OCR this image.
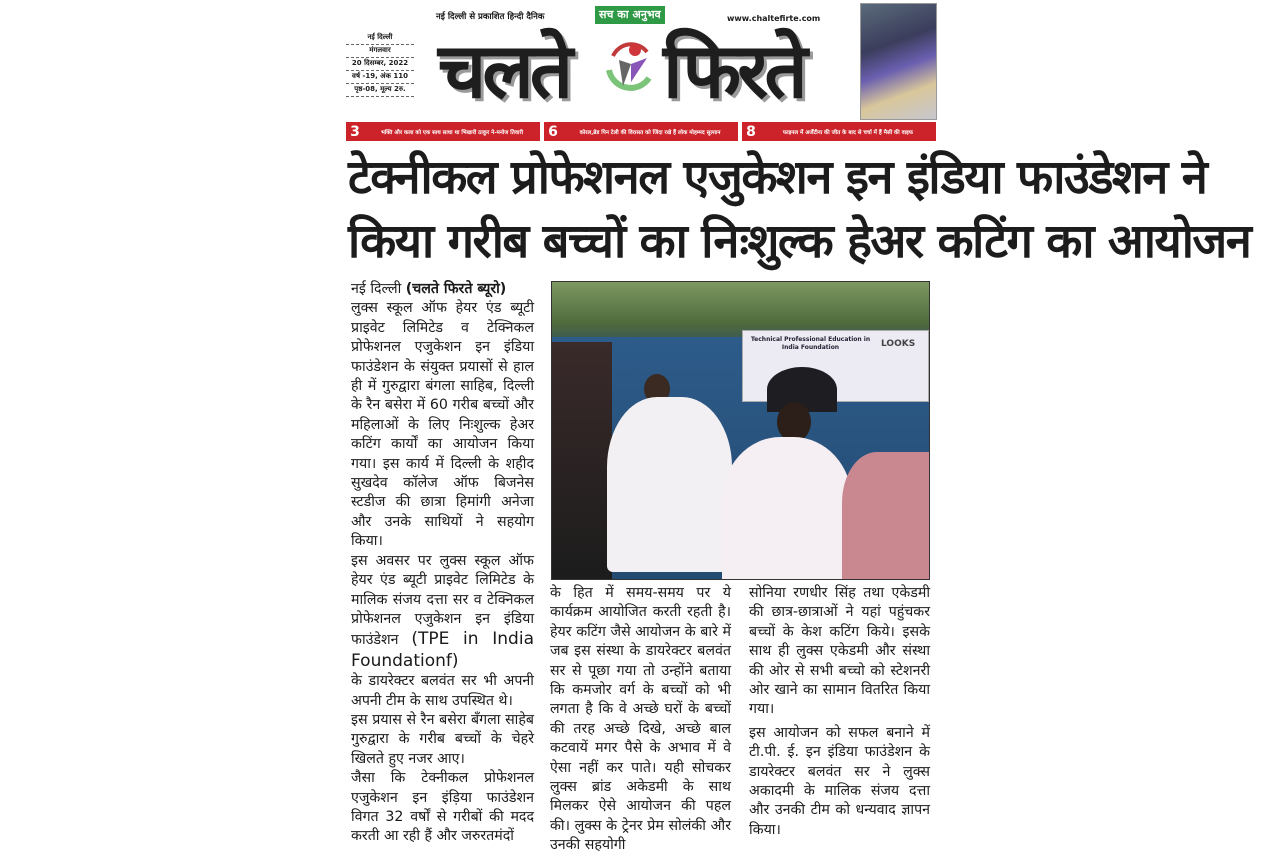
नई दिल्ली
मंगलवार
20 दिसम्बर, 2022
वर्ष -19, अंक 110
पृष्ठ-08, मूल्य 2रु.
नई दिल्ली से प्रकाशित हिन्दी दैनिक	सच का अनुभव	www.chaltefirte.com
चलते फिरते
3	भक्ति और कला को एक साथ साधा था भिखारी ठाकुर ने-मनोज तिवारी	6	कोरल,ब्रेड पिन टेली की विरासत को जिंदा रखे हैं लोक मोहम्मद सुल्तान	8	फाइनल में अर्जेंटीना की जीत के बाद से चर्चा में हैं मैसी की वाइफ
टेक्नीकल प्रोफेशनल एजुकेशन इन इंडिया फाउंडेशन ने
किया गरीब बच्चों का निःशुल्क हेअर कटिंग का आयोजन

नई दिल्ली (चलते फिरते ब्यूरो)

लुक्स स्कूल ऑफ हेयर एंड ब्यूटी प्राइवेट लिमिटेड व टेक्निकल प्रोफेशनल एजुकेशन इन इंडिया फाउंडेशन के संयुक्त प्रयासों से हाल ही में गुरुद्वारा बंगला साहिब, दिल्ली के रैन बसेरा में 60 गरीब बच्चों और महिलाओं के लिए निःशुल्क हेअर कटिंग कार्यों का आयोजन किया गया। इस कार्य में दिल्ली के शहीद सुखदेव कॉलेज ऑफ बिजनेस स्टडीज की छात्रा हिमांगी अनेजा और उनके साथियों ने सहयोग किया।

इस अवसर पर लुक्स स्कूल ऑफ हेयर एंड ब्यूटी प्राइवेट लिमिटेड के मालिक संजय दत्ता सर व टेक्निकल प्रोफेशनल एजुकेशन इन इंडिया फाउंडेशन (TPE in India Foundationf)

के डायरेक्टर बलवंत सर भी अपनी अपनी टीम के साथ उपस्थित थे।

इस प्रयास से रैन बसेरा बँगला साहेब गुरुद्वारा के गरीब बच्चों के चेहरे खिलते हुए नजर आए।

जैसा कि टेक्नीकल प्रोफेशनल एजुकेशन इन इंड़िया फाउंडेशन विगत 32 वर्षों से गरीबों की मदद करती आ रही हैं और जरुरतमंदों

Technical Professional Education in India Foundation	LOOKS

के हित में समय-समय पर ये कार्यक्रम आयोजित करती रहती है। हेयर कटिंग जैसे आयोजन के बारे में जब इस संस्था के डायरेक्टर बलवंत सर से पूछा गया तो उन्होंने बताया कि कमजोर वर्ग के बच्चों को भी लगता है कि वे अच्छे घरों के बच्चों की तरह अच्छे दिखे, अच्छे बाल कटवायें मगर पैसे के अभाव में वे ऐसा नहीं कर पाते। यही सोचकर लुक्स ब्रांड अकेडमी के साथ मिलकर ऐसे आयोजन की पहल की। लुक्स के ट्रेनर प्रेम सोलंकी और उनकी सहयोगी

सोनिया रणधीर सिंह तथा एकेडमी की छात्र-छात्राओं ने यहां पहुंचकर बच्चों के केश कटिंग किये। इसके साथ ही लुक्स एकेडमी और संस्था की ओर से सभी बच्चो को स्टेशनरी ओर खाने का सामान वितरित किया गया।

इस आयोजन को सफल बनाने में टी.पी. ई. इन इंडिया फाउंडेशन के डायरेक्टर बलवंत सर ने लुक्स अकादमी के मालिक संजय दत्ता और उनकी टीम को धन्यवाद ज्ञापन किया।
